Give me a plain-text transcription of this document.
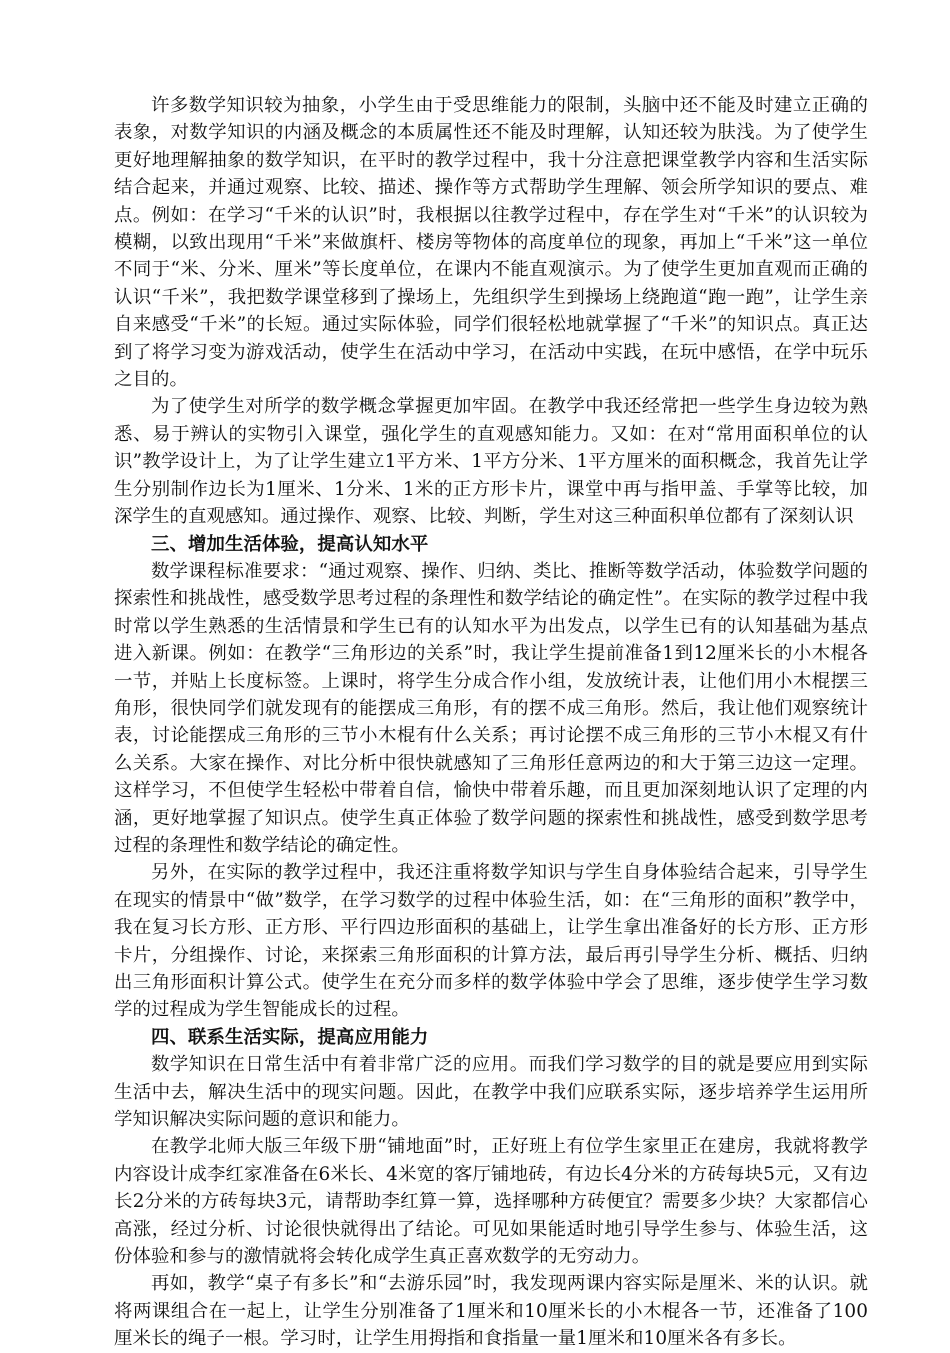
许多数学知识较为抽象，小学生由于受思维能力的限制，头脑中还不能及时建立正确的表象，对数学知识的内涵及概念的本质属性还不能及时理解，认知还较为肤浅。为了使学生更好地理解抽象的数学知识，在平时的教学过程中，我十分注意把课堂教学内容和生活实际结合起来，并通过观察、比较、描述、操作等方式帮助学生理解、领会所学知识的要点、难点。例如：在学习“千米的认识”时，我根据以往教学过程中，存在学生对“千米”的认识较为模糊，以致出现用“千米”来做旗杆、楼房等物体的高度单位的现象，再加上“千米”这一单位不同于“米、分米、厘米”等长度单位，在课内不能直观演示。为了使学生更加直观而正确的认识“千米”，我把数学课堂移到了操场上，先组织学生到操场上绕跑道“跑一跑”，让学生亲自来感受“千米”的长短。通过实际体验，同学们很轻松地就掌握了“千米”的知识点。真正达到了将学习变为游戏活动，使学生在活动中学习，在活动中实践，在玩中感悟，在学中玩乐之目的。

为了使学生对所学的数学概念掌握更加牢固。在教学中我还经常把一些学生身边较为熟悉、易于辨认的实物引入课堂，强化学生的直观感知能力。又如：在对“常用面积单位的认识”教学设计上，为了让学生建立1平方米、1平方分米、1平方厘米的面积概念，我首先让学生分别制作边长为1厘米、1分米、1米的正方形卡片，课堂中再与指甲盖、手掌等比较，加深学生的直观感知。通过操作、观察、比较、判断，学生对这三种面积单位都有了深刻认识

三、增加生活体验，提高认知水平

数学课程标准要求：“通过观察、操作、归纳、类比、推断等数学活动，体验数学问题的探索性和挑战性，感受数学思考过程的条理性和数学结论的确定性”。在实际的教学过程中我时常以学生熟悉的生活情景和学生已有的认知水平为出发点，以学生已有的认知基础为基点进入新课。例如：在教学“三角形边的关系”时，我让学生提前准备1到12厘米长的小木棍各一节，并贴上长度标签。上课时，将学生分成合作小组，发放统计表，让他们用小木棍摆三角形，很快同学们就发现有的能摆成三角形，有的摆不成三角形。然后，我让他们观察统计表，讨论能摆成三角形的三节小木棍有什么关系；再讨论摆不成三角形的三节小木棍又有什么关系。大家在操作、对比分析中很快就感知了三角形任意两边的和大于第三边这一定理。这样学习，不但使学生轻松中带着自信，愉快中带着乐趣，而且更加深刻地认识了定理的内涵，更好地掌握了知识点。使学生真正体验了数学问题的探索性和挑战性，感受到数学思考过程的条理性和数学结论的确定性。

另外，在实际的教学过程中，我还注重将数学知识与学生自身体验结合起来，引导学生在现实的情景中“做”数学，在学习数学的过程中体验生活，如：在“三角形的面积”教学中，我在复习长方形、正方形、平行四边形面积的基础上，让学生拿出准备好的长方形、正方形卡片，分组操作、讨论，来探索三角形面积的计算方法，最后再引导学生分析、概括、归纳出三角形面积计算公式。使学生在充分而多样的数学体验中学会了思维，逐步使学生学习数学的过程成为学生智能成长的过程。

四、联系生活实际，提高应用能力

数学知识在日常生活中有着非常广泛的应用。而我们学习数学的目的就是要应用到实际生活中去，解决生活中的现实问题。因此，在教学中我们应联系实际，逐步培养学生运用所学知识解决实际问题的意识和能力。

在教学北师大版三年级下册“铺地面”时，正好班上有位学生家里正在建房，我就将教学内容设计成李红家准备在6米长、4米宽的客厅铺地砖，有边长4分米的方砖每块5元，又有边长2分米的方砖每块3元，请帮助李红算一算，选择哪种方砖便宜？需要多少块？大家都信心高涨，经过分析、讨论很快就得出了结论。可见如果能适时地引导学生参与、体验生活，这份体验和参与的激情就将会转化成学生真正喜欢数学的无穷动力。

再如，教学“桌子有多长”和“去游乐园”时，我发现两课内容实际是厘米、米的认识。就将两课组合在一起上，让学生分别准备了1厘米和10厘米长的小木棍各一节，还准备了100厘米长的绳子一根。学习时，让学生用拇指和食指量一量1厘米和10厘米各有多长。
